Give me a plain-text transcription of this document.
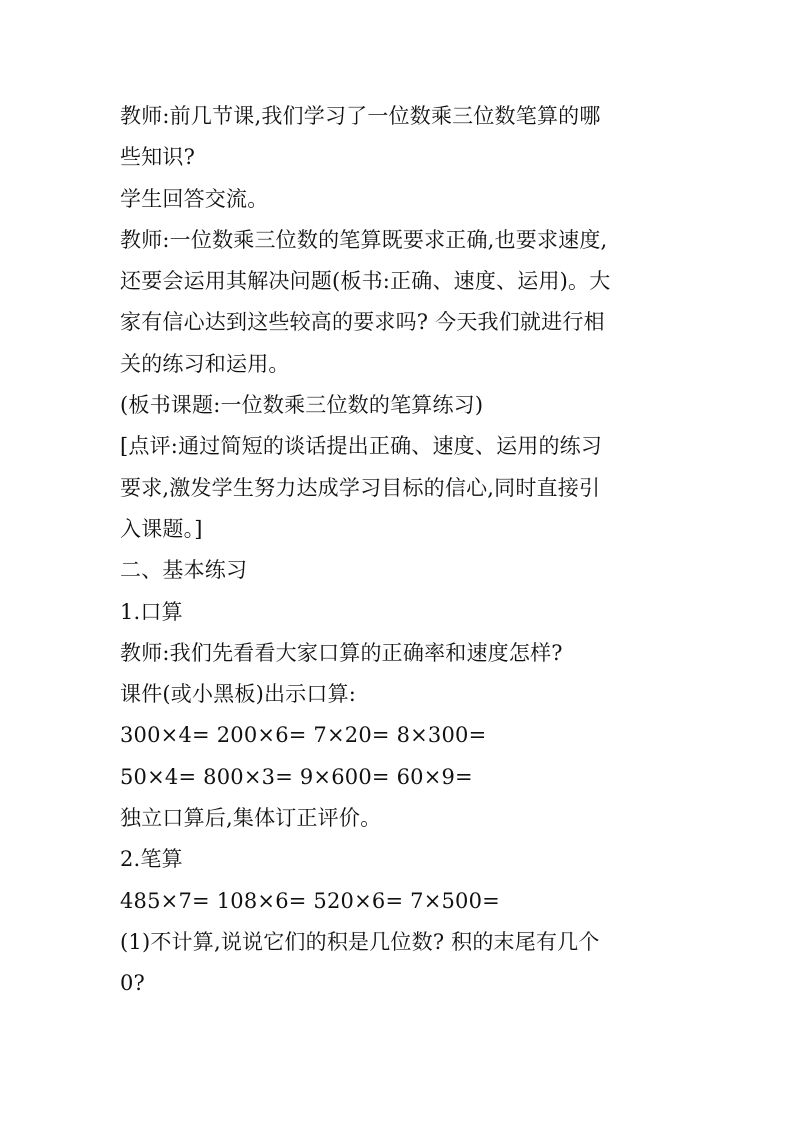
教师:前几节课,我们学习了一位数乘三位数笔算的哪
些知识?
学生回答交流。
教师:一位数乘三位数的笔算既要求正确,也要求速度,
还要会运用其解决问题(板书:正确、速度、运用)。大
家有信心达到这些较高的要求吗? 今天我们就进行相
关的练习和运用。
(板书课题:一位数乘三位数的笔算练习)
[点评:通过简短的谈话提出正确、速度、运用的练习
要求,激发学生努力达成学习目标的信心,同时直接引
入课题。]
二、基本练习
1.口算
教师:我们先看看大家口算的正确率和速度怎样?
课件(或小黑板)出示口算:
300×4= 200×6= 7×20= 8×300=
50×4= 800×3= 9×600= 60×9=
独立口算后,集体订正评价。
2.笔算
485×7= 108×6= 520×6= 7×500=
(1)不计算,说说它们的积是几位数? 积的末尾有几个
0?
